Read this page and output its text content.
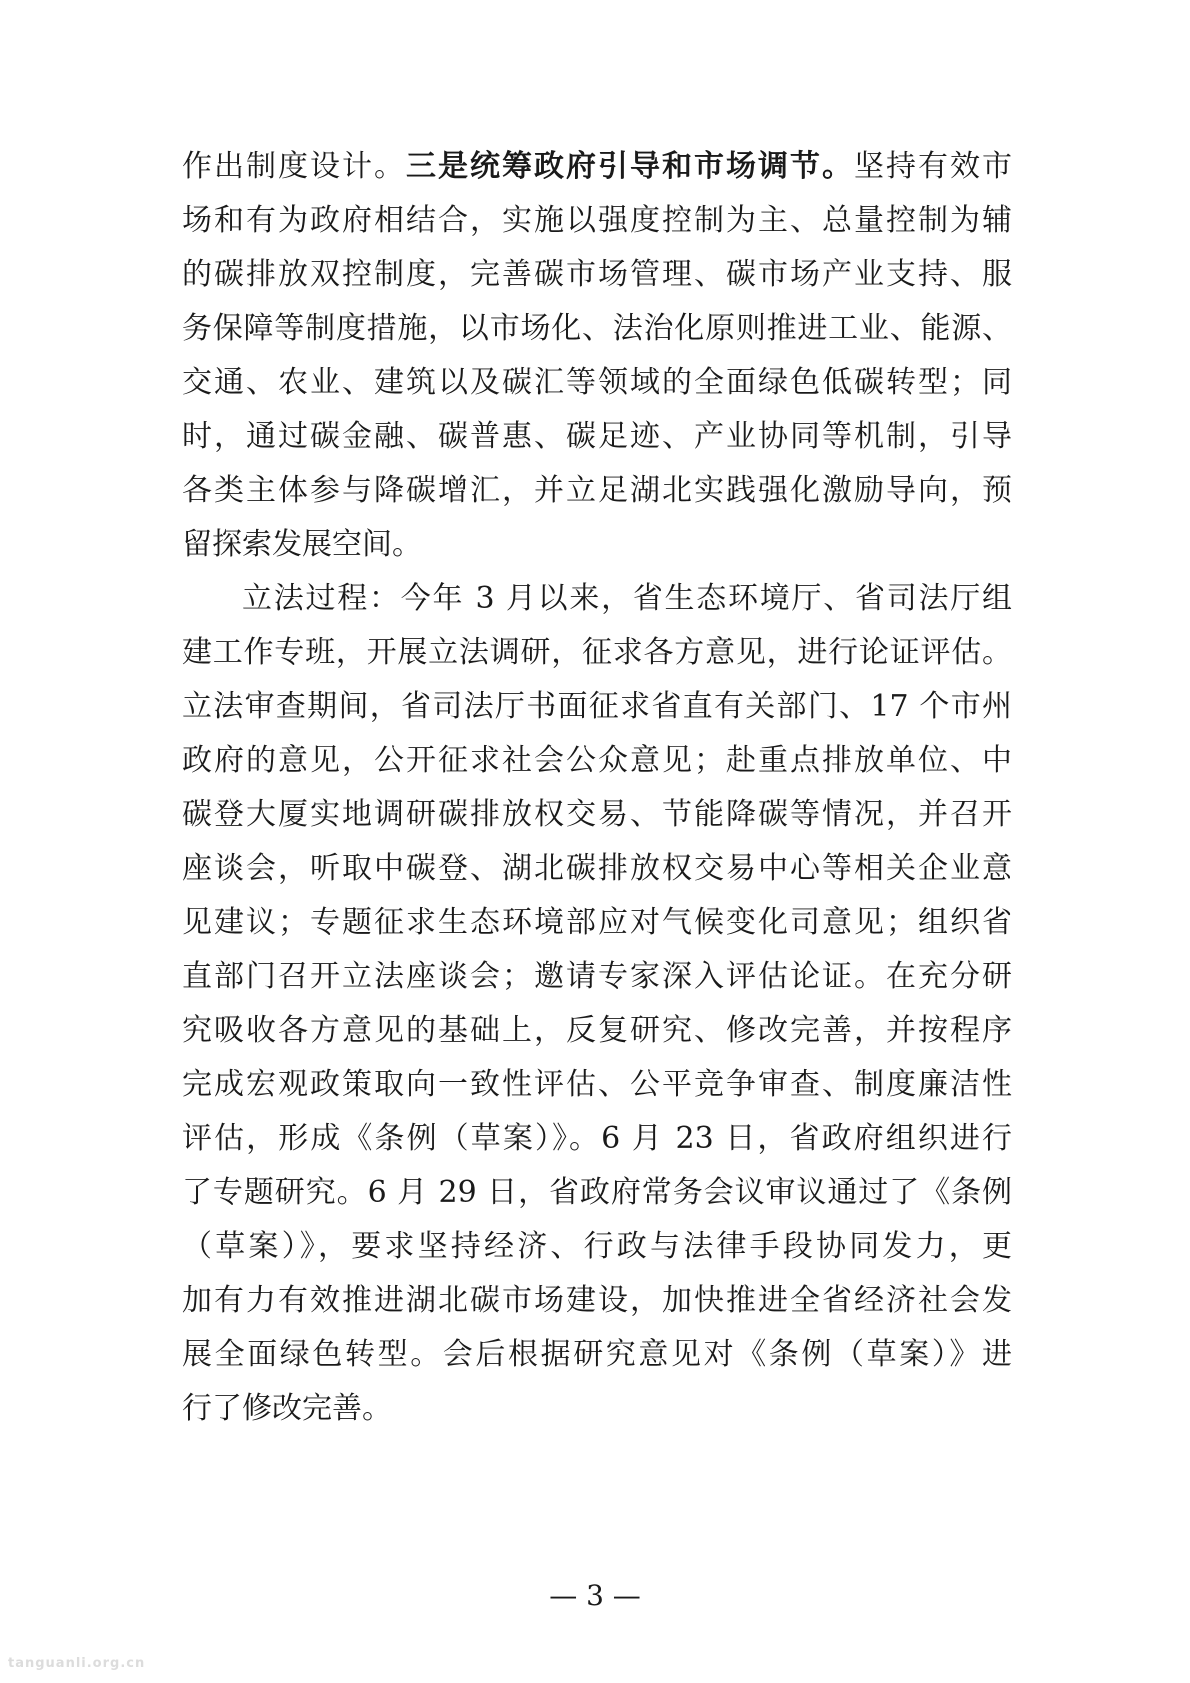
作出制度设计。三是统筹政府引导和市场调节。坚持有效市
场和有为政府相结合，实施以强度控制为主、总量控制为辅
的碳排放双控制度，完善碳市场管理、碳市场产业支持、服
务保障等制度措施，以市场化、法治化原则推进工业、能源、
交通、农业、建筑以及碳汇等领域的全面绿色低碳转型；同
时，通过碳金融、碳普惠、碳足迹、产业协同等机制，引导
各类主体参与降碳增汇，并立足湖北实践强化激励导向，预
留探索发展空间。
立法过程：今年 3 月以来，省生态环境厅、省司法厅组
建工作专班，开展立法调研，征求各方意见，进行论证评估。
立法审查期间，省司法厅书面征求省直有关部门、17 个市州
政府的意见，公开征求社会公众意见；赴重点排放单位、中
碳登大厦实地调研碳排放权交易、节能降碳等情况，并召开
座谈会，听取中碳登、湖北碳排放权交易中心等相关企业意
见建议；专题征求生态环境部应对气候变化司意见；组织省
直部门召开立法座谈会；邀请专家深入评估论证。在充分研
究吸收各方意见的基础上，反复研究、修改完善，并按程序
完成宏观政策取向一致性评估、公平竞争审查、制度廉洁性
评估，形成《条例（草案）》。6 月 23 日，省政府组织进行
了专题研究。6 月 29 日，省政府常务会议审议通过了《条例
（草案）》，要求坚持经济、行政与法律手段协同发力，更
加有力有效推进湖北碳市场建设，加快推进全省经济社会发
展全面绿色转型。会后根据研究意见对《条例（草案）》进
行了修改完善。
— 3 —
tanguanli.org.cn
